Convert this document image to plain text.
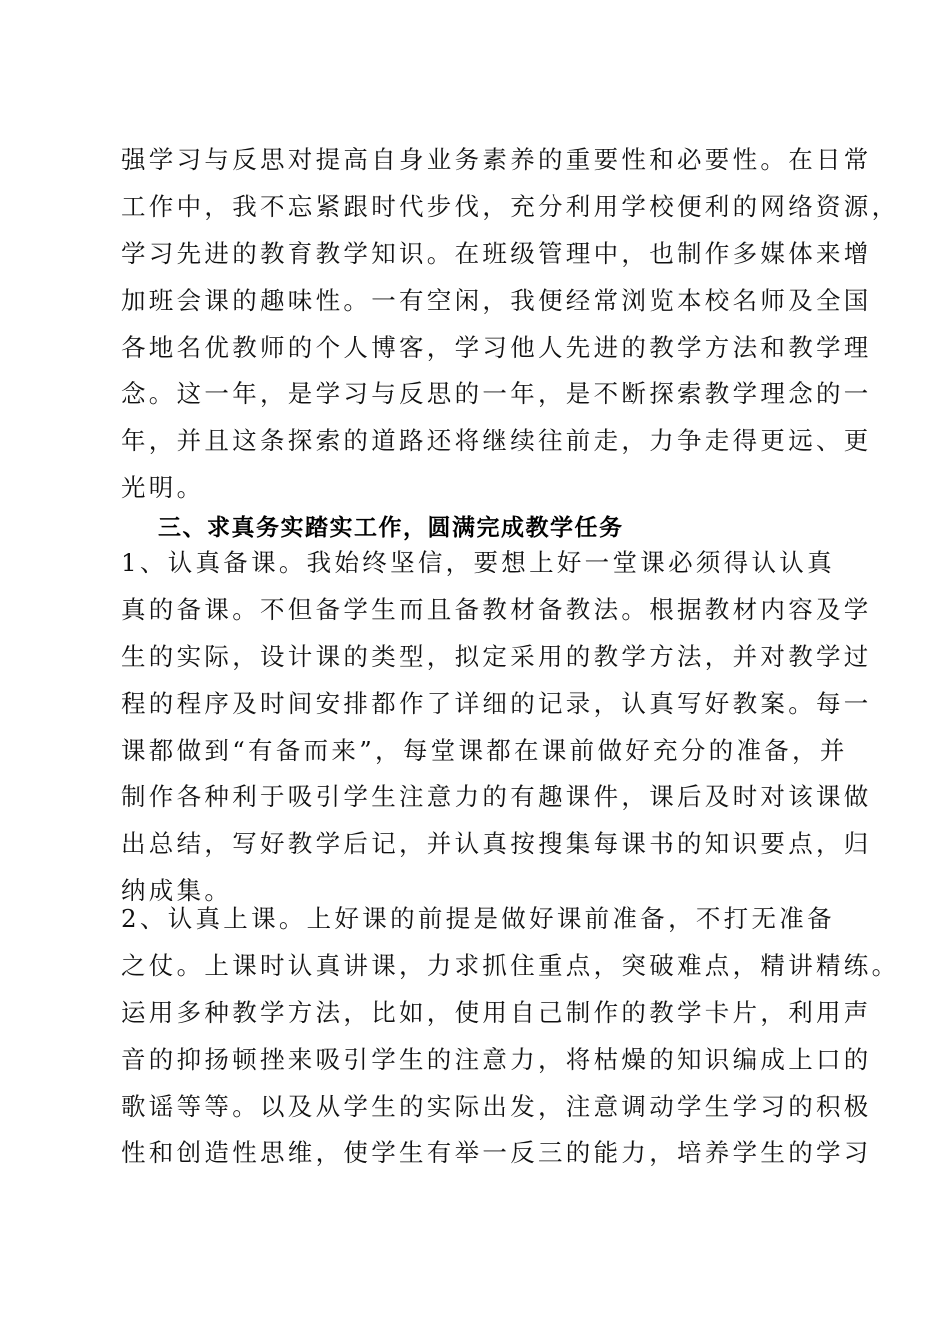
强学习与反思对提高自身业务素养的重要性和必要性。在日常
工作中，我不忘紧跟时代步伐，充分利用学校便利的网络资源，
学习先进的教育教学知识。在班级管理中，也制作多媒体来增
加班会课的趣味性。一有空闲，我便经常浏览本校名师及全国
各地名优教师的个人博客，学习他人先进的教学方法和教学理
念。这一年，是学习与反思的一年，是不断探索教学理念的一
年，并且这条探索的道路还将继续往前走，力争走得更远、更
光明。
三、求真务实踏实工作，圆满完成教学任务
1、认真备课。我始终坚信，要想上好一堂课必须得认认真
真的备课。不但备学生而且备教材备教法。根据教材内容及学
生的实际，设计课的类型，拟定采用的教学方法，并对教学过
程的程序及时间安排都作了详细的记录，认真写好教案。每一
课都做到“有备而来”，每堂课都在课前做好充分的准备，并
制作各种利于吸引学生注意力的有趣课件，课后及时对该课做
出总结，写好教学后记，并认真按搜集每课书的知识要点，归
纳成集。
2、认真上课。上好课的前提是做好课前准备，不打无准备
之仗。上课时认真讲课，力求抓住重点，突破难点，精讲精练。
运用多种教学方法，比如，使用自己制作的教学卡片，利用声
音的抑扬顿挫来吸引学生的注意力，将枯燥的知识编成上口的
歌谣等等。以及从学生的实际出发，注意调动学生学习的积极
性和创造性思维，使学生有举一反三的能力，培养学生的学习
